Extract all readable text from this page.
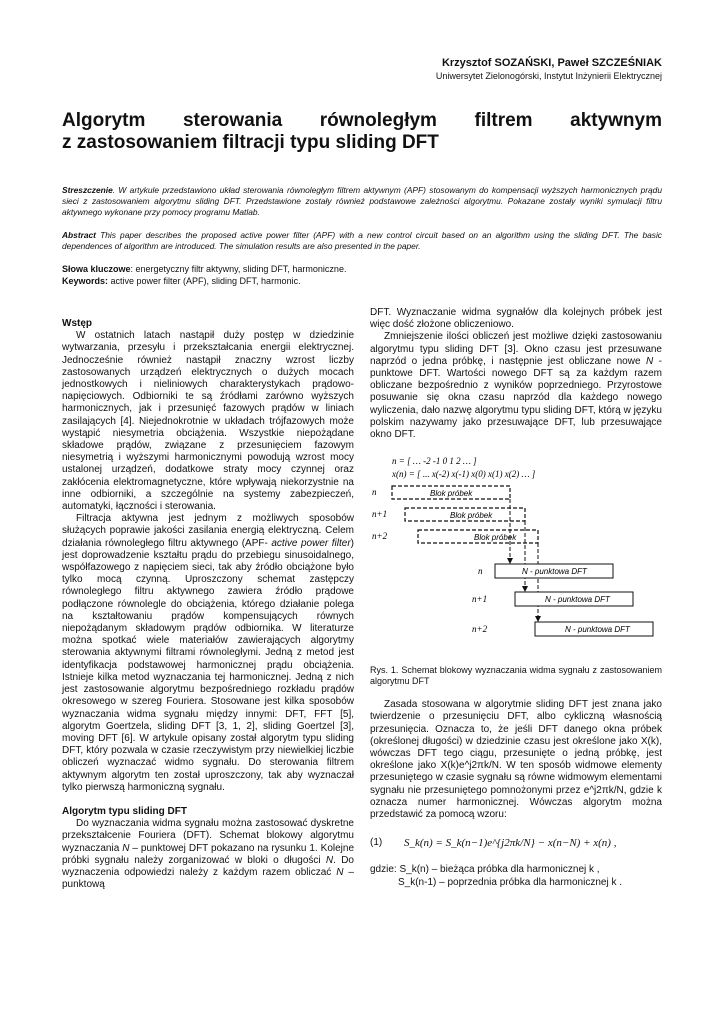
Krzysztof SOZAŃSKI, Paweł SZCZEŚNIAK
Uniwersytet Zielonogórski, Instytut Inżynierii Elektrycznej
Algorytm sterowania równoległym filtrem aktywnym
z zastosowaniem filtracji typu sliding DFT
Streszczenie. W artykule przedstawiono układ sterowania równoległym filtrem aktywnym (APF) stosowanym do kompensacji wyższych harmonicznych prądu sieci z zastosowaniem algorytmu sliding DFT. Przedstawione zostały również podstawowe zależności algorytmu. Pokazane zostały wyniki symulacji filtru aktywnego wykonane przy pomocy programu Matlab.
Abstract This paper describes the proposed active power filter (APF) with a new control circuit based on an algorithm using the sliding DFT. The basic dependences of algorithm are introduced. The simulation results are also presented in the paper.
Słowa kluczowe: energetyczny filtr aktywny, sliding DFT, harmoniczne.
Keywords: active power filter (APF), sliding DFT, harmonic.
Wstęp

W ostatnich latach nastąpił duży postęp w dziedzinie wytwarzania, przesyłu i przekształcania energii elektrycznej. Jednocześnie również nastąpił znaczny wzrost liczby zastosowanych urządzeń elektrycznych o dużych mocach jednostkowych i nieliniowych charakterystykach prądowo-napięciowych. Odbiorniki te są źródłami zarówno wyższych harmonicznych, jak i przesunięć fazowych prądów w liniach zasilających [4]. Niejednokrotnie w układach trójfazowych może wystąpić niesymetria obciążenia. Wszystkie niepożądane składowe prądów, związane z przesunięciem fazowym niesymetrią i wyższymi harmonicznymi powodują wzrost mocy ustalonej urządzeń, dodatkowe straty mocy czynnej oraz zakłócenia elektromagnetyczne, które wpływają niekorzystnie na inne odbiorniki, a szczególnie na systemy zabezpieczeń, automatyki, łączności i sterowania.

Filtracja aktywna jest jednym z możliwych sposobów służących poprawie jakości zasilania energią elektryczną. Celem działania równoległego filtru aktywnego (APF- active power filter) jest doprowadzenie kształtu prądu do przebiegu sinusoidalnego, współfazowego z napięciem sieci, tak aby źródło obciążone było tylko mocą czynną. Uproszczony schemat zastępczy równoległego filtru aktywnego zawiera źródło prądowe podłączone równolegle do obciążenia, którego działanie polega na kształtowaniu prądów kompensujących równych niepożądanym składowym prądów odbiornika. W literaturze można spotkać wiele materiałów zawierających algorytmy sterowania aktywnymi filtrami równoległymi. Jedną z metod jest identyfikacja podstawowej harmonicznej prądu obciążenia. Istnieje kilka metod wyznaczania tej harmonicznej. Jedną z nich jest zastosowanie algorytmu bezpośredniego rozkładu prądów okresowego w szereg Fouriera. Stosowane jest kilka sposobów wyznaczania widma sygnału między innymi: DFT, FFT [5], algorytm Goertzela, sliding DFT [3, 1, 2], sliding Goertzel [3], moving DFT [6]. W artykule opisany został algorytm typu sliding DFT, który pozwala w czasie rzeczywistym przy niewielkiej liczbie obliczeń wyznaczać widmo sygnału. Do sterowania filtrem aktywnym algorytm ten został uproszczony, tak aby wyznaczał tylko pierwszą harmoniczną sygnału.

Algorytm typu sliding DFT

Do wyznaczania widma sygnału można zastosować dyskretne przekształcenie Fouriera (DFT). Schemat blokowy algorytmu wyznaczania N – punktowej DFT pokazano na rysunku 1. Kolejne próbki sygnału należy zorganizować w bloki o długości N. Do wyznaczenia odpowiedzi należy z każdym razem obliczać N – punktową

DFT. Wyznaczanie widma sygnałów dla kolejnych próbek jest więc dość złożone obliczeniowo.

Zmniejszenie ilości obliczeń jest możliwe dzięki zastosowaniu algorytmu typu sliding DFT [3]. Okno czasu jest przesuwane naprzód o jedna próbkę, i następnie jest obliczane nowe N - punktowe DFT. Wartości nowego DFT są za każdym razem obliczane bezpośrednio z wyników poprzedniego. Przyrostowe posuwanie się okna czasu naprzód dla każdego nowego wyliczenia, dało nazwę algorytmu typu sliding DFT, którą w języku polskim nazywamy jako przesuwające DFT, lub przesuwające okno DFT.

n = [ … -2 -1 0 1 2 … ]
x(n) = [ ... x(-2) x(-1) x(0) x(1) x(2) … ]
n	Blok próbek
n+1	Blok próbek
n+2	Blok próbek
n	N - punktowa DFT
n+1	N - punktowa DFT
n+2	N - punktowa DFT
Rys. 1. Schemat blokowy wyznaczania widma sygnału z zastosowaniem algorytmu DFT

Zasada stosowana w algorytmie sliding DFT jest znana jako twierdzenie o przesunięciu DFT, albo cykliczną własnością przesunięcia. Oznacza to, że jeśli DFT danego okna próbek (określonej długości) w dziedzinie czasu jest określone jako X(k), wówczas DFT tego ciągu, przesunięte o jedną próbkę, jest określone jako X(k)e^j2πk/N. W ten sposób widmowe elementy przesuniętego w czasie sygnału są równe widmowym elementami sygnału nie przesuniętego pomnożonymi przez e^j2πk/N, gdzie k oznacza numer harmonicznej. Wówczas algorytm można przedstawić za pomocą wzoru:

(1)	S_k(n) = S_k(n−1)e^{j2πk/N} − x(n−N) + x(n) ,
gdzie: S_k(n) – bieżąca próbka dla harmonicznej k ,
S_k(n-1) – poprzednia próbka dla harmonicznej k .
